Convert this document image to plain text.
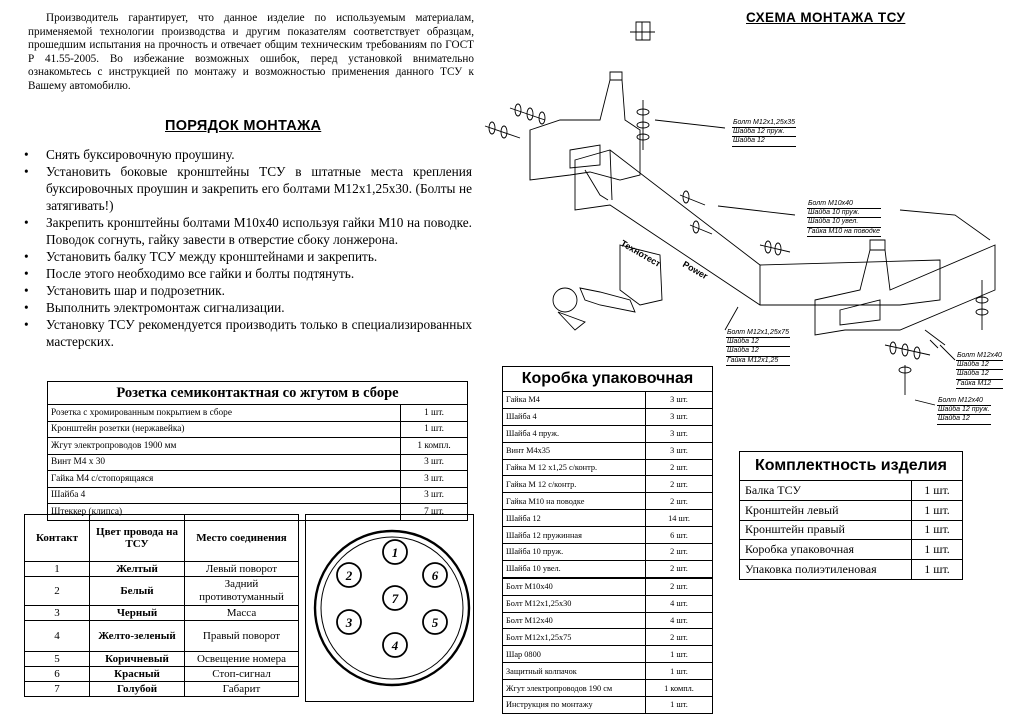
Производитель гарантирует, что данное изделие по используемым материалам, применяемой технологии производства и другим показателям соответствует образцам, прошедшим испытания на прочность и отвечает общим техническим требованиям по ГОСТ Р 41.55-2005. Во избежание возможных ошибок, перед установкой внимательно ознакомьтесь с инструкцией по монтажу и возможностью применения данного ТСУ к Вашему автомобилю.
ПОРЯДОК МОНТАЖА
• Снять буксировочную проушину.
• Установить боковые кронштейны ТСУ в штатные места крепления буксировочных проушин и закрепить его болтами М12х1,25х30. (Болты не затягивать!)
• Закрепить кронштейны болтами М10х40 используя гайки М10 на поводке. Поводок согнуть, гайку завести в отверстие сбоку лонжерона.
• Установить балку ТСУ между кронштейнами и закрепить.
• После этого необходимо все гайки и болты подтянуть.
• Установить шар и подрозетник.
• Выполнить электромонтаж сигнализации.
• Установку ТСУ рекомендуется производить только в специализированных мастерских.
СХЕМА МОНТАЖА ТСУ
Технотест
Power
Болт М12х1,25х35
Шайба 12 пруж.
Шайба 12
Болт М10х40
Шайба 10 пруж.
Шайба 10 увел.
Гайка М10 на поводке
Болт М12х1,25х75
Шайба 12
Шайба 12
Гайка М12х1,25
Болт М12х40
Шайба 12
Шайба 12
Гайка М12
Болт М12х40
Шайба 12 пруж.
Шайба 12
Розетка семиконтактная со жгутом в сборе	
Розетка с хромированным покрытием в сборе	1 шт.
Кронштейн розетки (нержавейка)	1 шт.
Жгут электропроводов 1900 мм	1 компл.
Винт М4 х 30	3 шт.
Гайка М4 с/стопорящаяся	3 шт.
Шайба 4	3 шт.
Штеккер (клипса)	7 шт.
Контакт	Цвет провода на ТСУ	Место соединения
1	Желтый	Левый поворот
2	Белый	Задний противотуманный
3	Черный	Масса
4	Желто-зеленый	Правый поворот
5	Коричневый	Освещение номера
6	Красный	Стоп-сигнал
7	Голубой	Габарит
1
2
3
4
5
6
7
Коробка упаковочная	
Гайка М4	3 шт.
Шайба 4	3 шт.
Шайба 4 пруж.	3 шт.
Винт М4х35	3 шт.
Гайка М 12 х1,25 с/контр.	2 шт.
Гайка М 12 с/контр.	2 шт.
Гайка М10 на поводке	2 шт.
Шайба 12	14 шт.
Шайба 12 пружинная	6 шт.
Шайба 10 пруж.	2 шт.
Шайба 10 увел.	2 шт.
Болт М10х40	2 шт.
Болт М12х1,25х30	4 шт.
Болт М12х40	4 шт.
Болт М12х1,25х75	2 шт.
Шар 0800	1 шт.
Защитный колпачок	1 шт.
Жгут электропроводов 190 см	1 компл.
Инструкция по монтажу	1 шт.
Комплектность изделия	
Балка ТСУ	1 шт.
Кронштейн левый	1 шт.
Кронштейн правый	1 шт.
Коробка упаковочная	1 шт.
Упаковка полиэтиленовая	1 шт.
